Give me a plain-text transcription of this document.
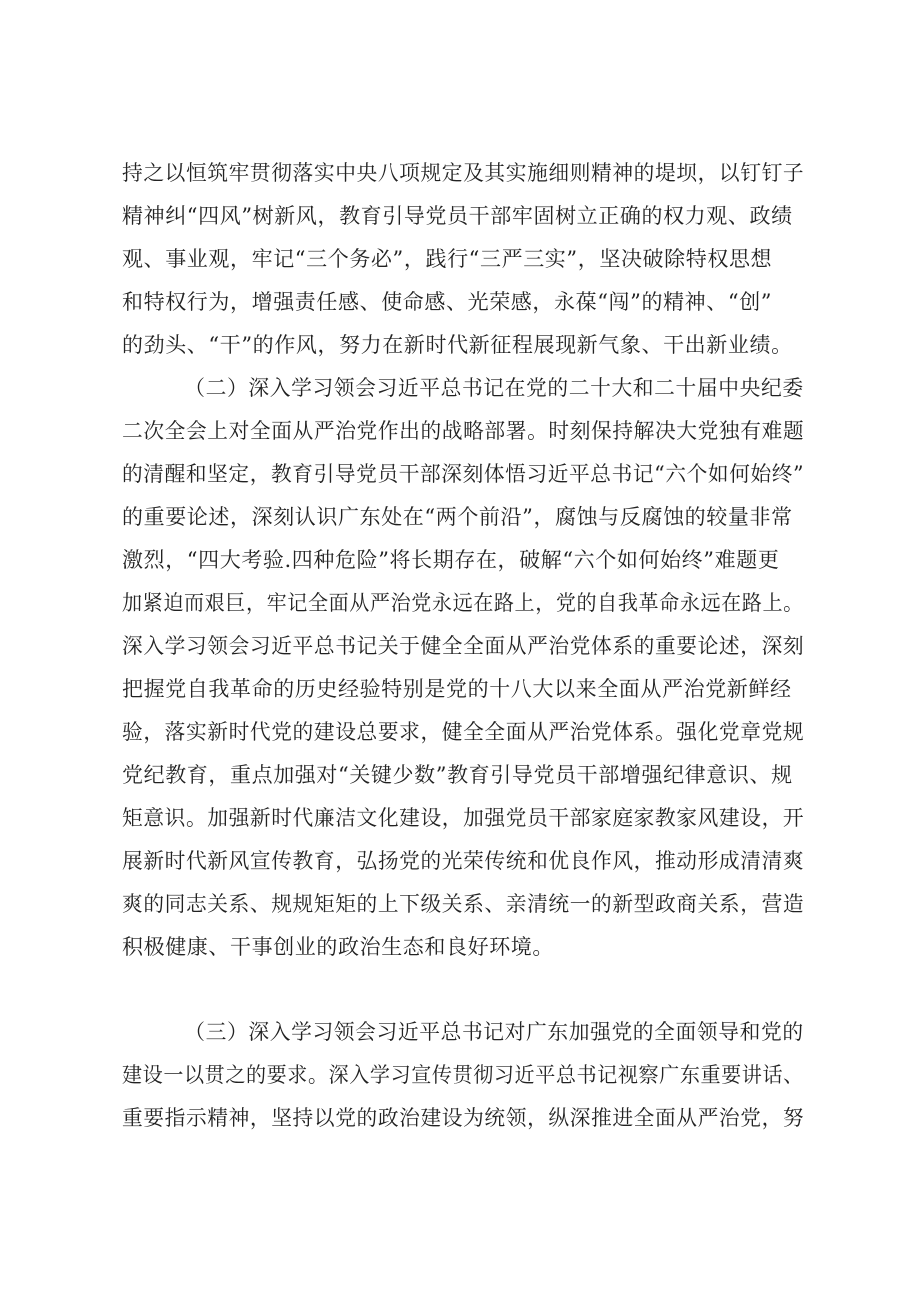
持之以恒筑牢贯彻落实中央八项规定及其实施细则精神的堤坝，以钉钉子
精神纠“四风”树新风，教育引导党员干部牢固树立正确的权力观、政绩
观、事业观，牢记“三个务必”，践行“三严三实”，坚决破除特权思想
和特权行为，增强责任感、使命感、光荣感，永葆“闯”的精神、“创”
的劲头、“干”的作风，努力在新时代新征程展现新气象、干出新业绩。
（二）深入学习领会习近平总书记在党的二十大和二十届中央纪委
二次全会上对全面从严治党作出的战略部署。时刻保持解决大党独有难题
的清醒和坚定，教育引导党员干部深刻体悟习近平总书记“六个如何始终”
的重要论述，深刻认识广东处在“两个前沿”，腐蚀与反腐蚀的较量非常
激烈，“四大考验.四种危险”将长期存在，破解“六个如何始终”难题更
加紧迫而艰巨，牢记全面从严治党永远在路上，党的自我革命永远在路上。
深入学习领会习近平总书记关于健全全面从严治党体系的重要论述，深刻
把握党自我革命的历史经验特别是党的十八大以来全面从严治党新鲜经
验，落实新时代党的建设总要求，健全全面从严治党体系。强化党章党规
党纪教育，重点加强对“关键少数”教育引导党员干部增强纪律意识、规
矩意识。加强新时代廉洁文化建设，加强党员干部家庭家教家风建设，开
展新时代新风宣传教育，弘扬党的光荣传统和优良作风，推动形成清清爽
爽的同志关系、规规矩矩的上下级关系、亲清统一的新型政商关系，营造
积极健康、干事创业的政治生态和良好环境。
（三）深入学习领会习近平总书记对广东加强党的全面领导和党的
建设一以贯之的要求。深入学习宣传贯彻习近平总书记视察广东重要讲话、
重要指示精神，坚持以党的政治建设为统领，纵深推进全面从严治党，努
